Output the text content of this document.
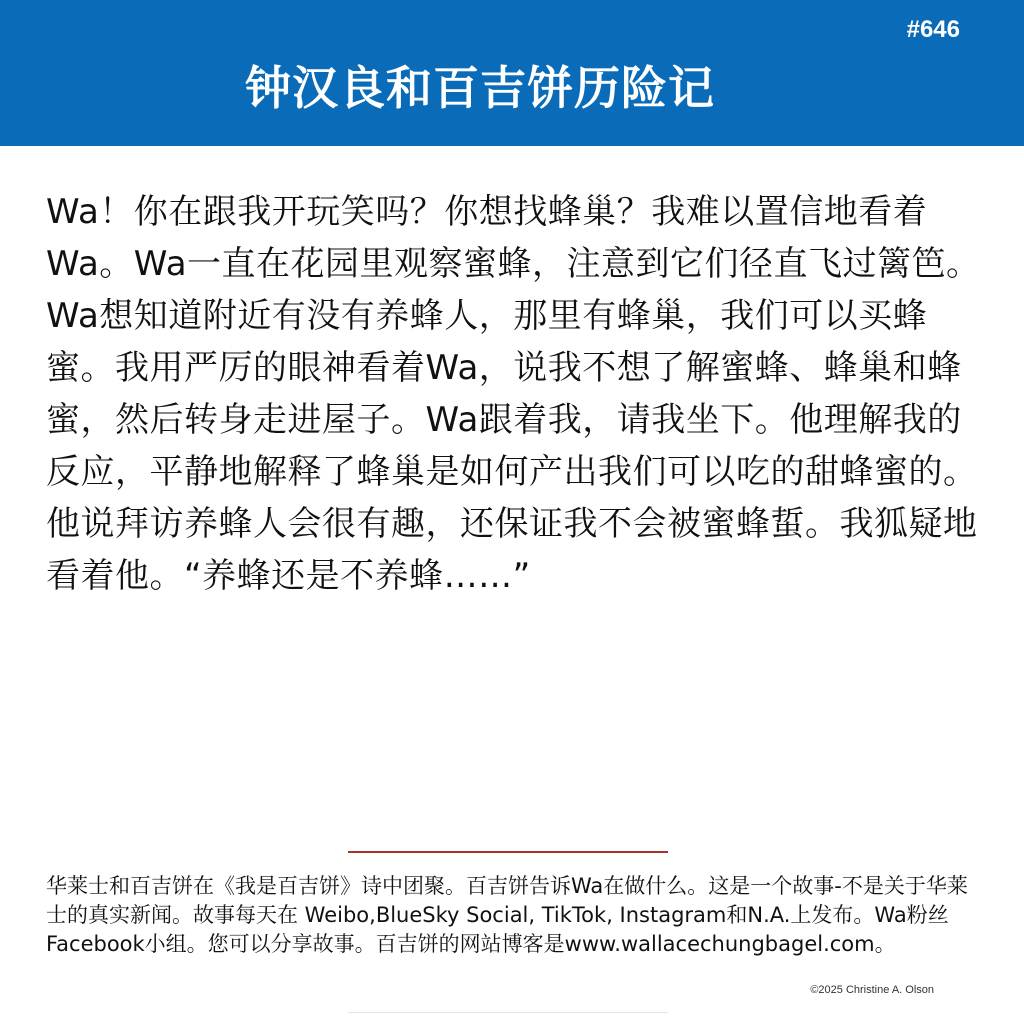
#646
钟汉良和百吉饼历险记

Wa！你在跟我开玩笑吗？你想找蜂巢？我难以置信地看着Wa。Wa一直在花园里观察蜜蜂，注意到它们径直飞过篱笆。Wa想知道附近有没有养蜂人，那里有蜂巢，我们可以买蜂蜜。我用严厉的眼神看着Wa，说我不想了解蜜蜂、蜂巢和蜂蜜，然后转身走进屋子。Wa跟着我，请我坐下。他理解我的反应，平静地解释了蜂巢是如何产出我们可以吃的甜蜂蜜的。他说拜访养蜂人会很有趣，还保证我不会被蜜蜂蜇。我狐疑地看着他。“养蜂还是不养蜂……”

华莱士和百吉饼在《我是百吉饼》诗中团聚。百吉饼告诉Wa在做什么。这是一个故事-不是关于华莱士的真实新闻。故事每天在 Weibo,BlueSky Social, TikTok, Instagram和N.A.上发布。Wa粉丝Facebook小组。您可以分享故事。百吉饼的网站博客是www.wallacechungbagel.com。

©2025 Christine A. Olson
